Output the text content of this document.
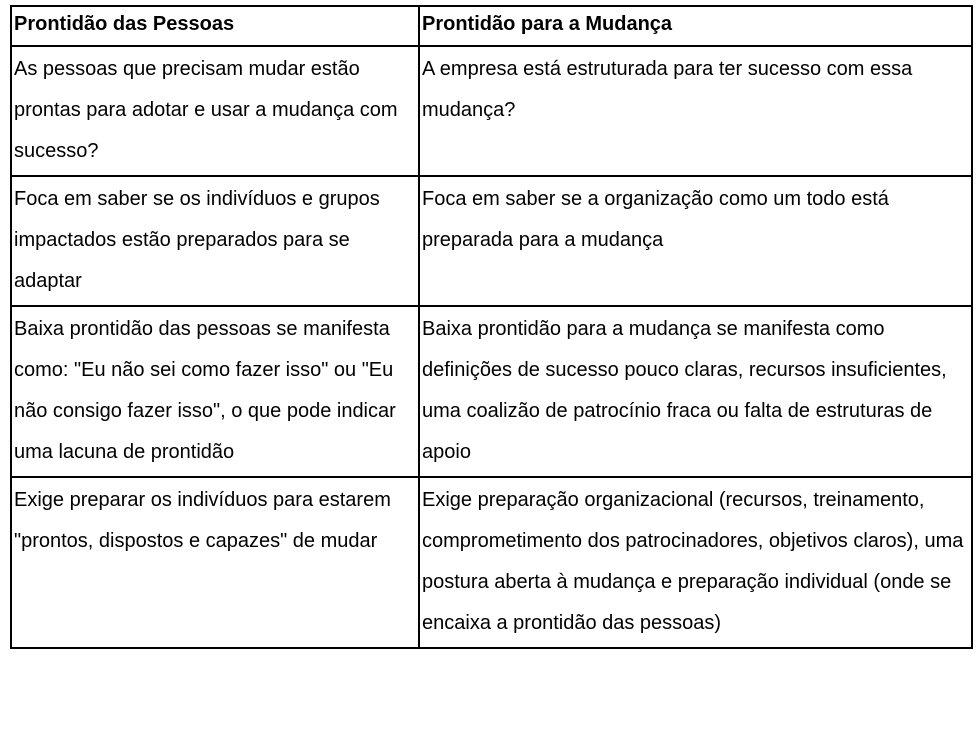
Prontidão das Pessoas	Prontidão para a Mudança
As pessoas que precisam mudar estão prontas para adotar e usar a mudança com sucesso?	A empresa está estruturada para ter sucesso com essa mudança?
Foca em saber se os indivíduos e grupos impactados estão preparados para se adaptar	Foca em saber se a organização como um todo está preparada para a mudança
Baixa prontidão das pessoas se manifesta como: "Eu não sei como fazer isso" ou "Eu não consigo fazer isso", o que pode indicar uma lacuna de prontidão	Baixa prontidão para a mudança se manifesta como definições de sucesso pouco claras, recursos insuficientes, uma coalizão de patrocínio fraca ou falta de estruturas de apoio
Exige preparar os indivíduos para estarem "prontos, dispostos e capazes" de mudar	Exige preparação organizacional (recursos, treinamento, comprometimento dos patrocinadores, objetivos claros), uma postura aberta à mudança e preparação individual (onde se encaixa a prontidão das pessoas)
